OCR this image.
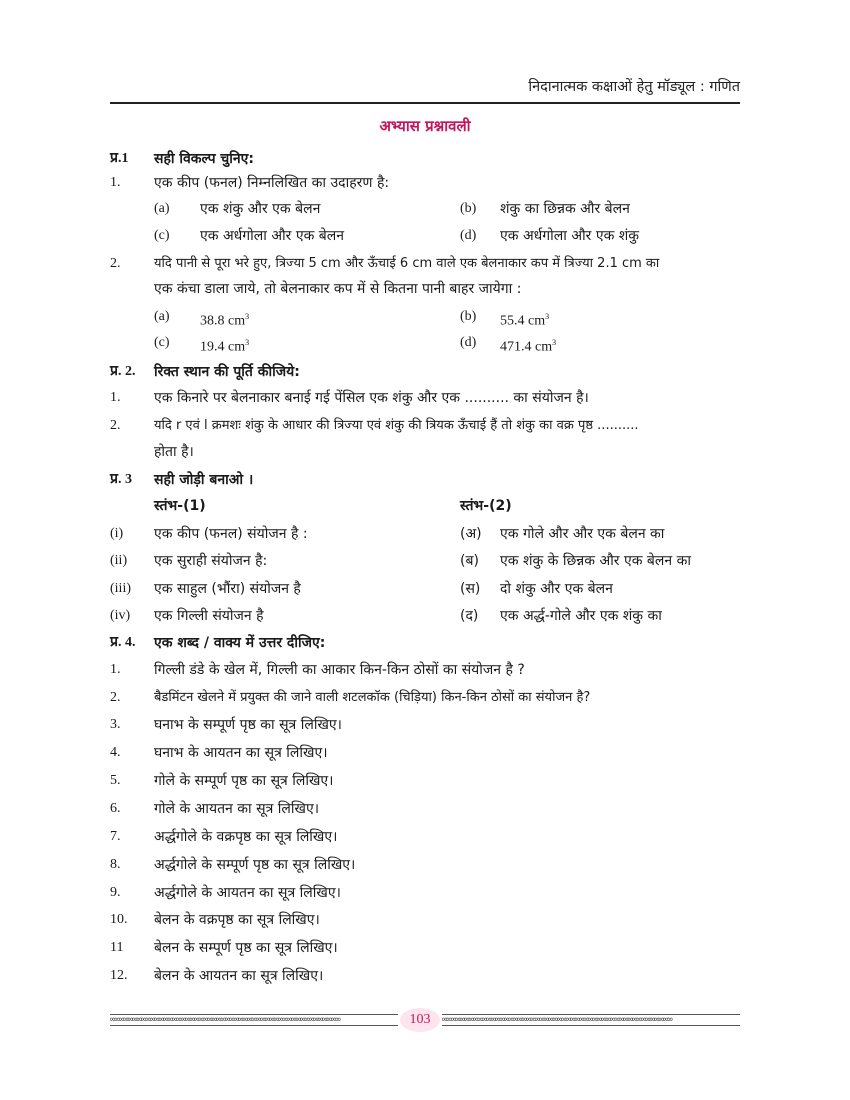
निदानात्मक कक्षाओं हेतु मॉड्यूल : गणित
अभ्यास प्रश्नावली
प्र.1 सही विकल्प चुनिए:
1. एक कीप (फनल) निम्नलिखित का उदाहरण है:
(a) एक शंकु और एक बेलन	(b) शंकु का छिन्नक और बेलन
(c) एक अर्धगोला और एक बेलन	(d) एक अर्धगोला और एक शंकु
2.	यदि पानी से पूरा भरे हुए, त्रिज्या 5 cm और ऊँचाई 6 cm वाले एक बेलनाकार कप में त्रिज्या 2.1 cm का
एक कंचा डाला जाये, तो बेलनाकार कप में से कितना पानी बाहर जायेगा :
(a) 38.8 $cm^3$	(b) 55.4 $cm^3$
(c) 19.4 $cm^3$	(d) 471.4 $cm^3$
प्र. 2. रिक्त स्थान की पूर्ति कीजिये:
1. एक किनारे पर बेलनाकार बनाई गई पेंसिल एक शंकु और एक .......... का संयोजन है।
2.	यदि r एवं l क्रमशः शंकु के आधार की त्रिज्या एवं शंकु की त्रियक ऊँचाई हैं तो शंकु का वक्र पृष्ठ ..........
होता है।
प्र. 3 सही जोड़ी बनाओ ।
स्तंभ-(1)	स्तंभ-(2)
(i) एक कीप (फनल) संयोजन है :	(अ) एक गोले और और एक बेलन का
(ii) एक सुराही संयोजन है:	(ब) एक शंकु के छिन्नक और एक बेलन का
(iii) एक साहुल (भौंरा) संयोजन है	(स) दो शंकु और एक बेलन
(iv) एक गिल्ली संयोजन है	(द) एक अर्द्ध-गोले और एक शंकु का
प्र. 4. एक शब्द / वाक्य में उत्तर दीजिए:
1. गिल्ली डंडे के खेल में, गिल्ली का आकार किन-किन ठोसों का संयोजन है ?
2.	बैडमिंटन खेलने में प्रयुक्त की जाने वाली शटलकॉक (चिड़िया) किन-किन ठोसों का संयोजन है?
3. घनाभ के सम्पूर्ण पृष्ठ का सूत्र लिखिए।
4. घनाभ के आयतन का सूत्र लिखिए।
5. गोले के सम्पूर्ण पृष्ठ का सूत्र लिखिए।
6. गोले के आयतन का सूत्र लिखिए।
7. अर्द्धगोले के वक्रपृष्ठ का सूत्र लिखिए।
8. अर्द्धगोले के सम्पूर्ण पृष्ठ का सूत्र लिखिए।
9. अर्द्धगोले के आयतन का सूत्र लिखिए।
10. बेलन के वक्रपृष्ठ का सूत्र लिखिए।
11 बेलन के सम्पूर्ण पृष्ठ का सूत्र लिखिए।
12. बेलन के आयतन का सूत्र लिखिए।
∞∞∞∞∞∞∞∞∞∞∞∞∞∞∞∞∞∞∞∞∞∞∞∞∞∞∞∞∞∞∞∞∞∞∞∞∞∞∞∞∞∞∞∞∞∞∞∞∞∞∞∞	103	∞∞∞∞∞∞∞∞∞∞∞∞∞∞∞∞∞∞∞∞∞∞∞∞∞∞∞∞∞∞∞∞∞∞∞∞∞∞∞∞∞∞∞∞∞∞∞∞∞∞∞∞
